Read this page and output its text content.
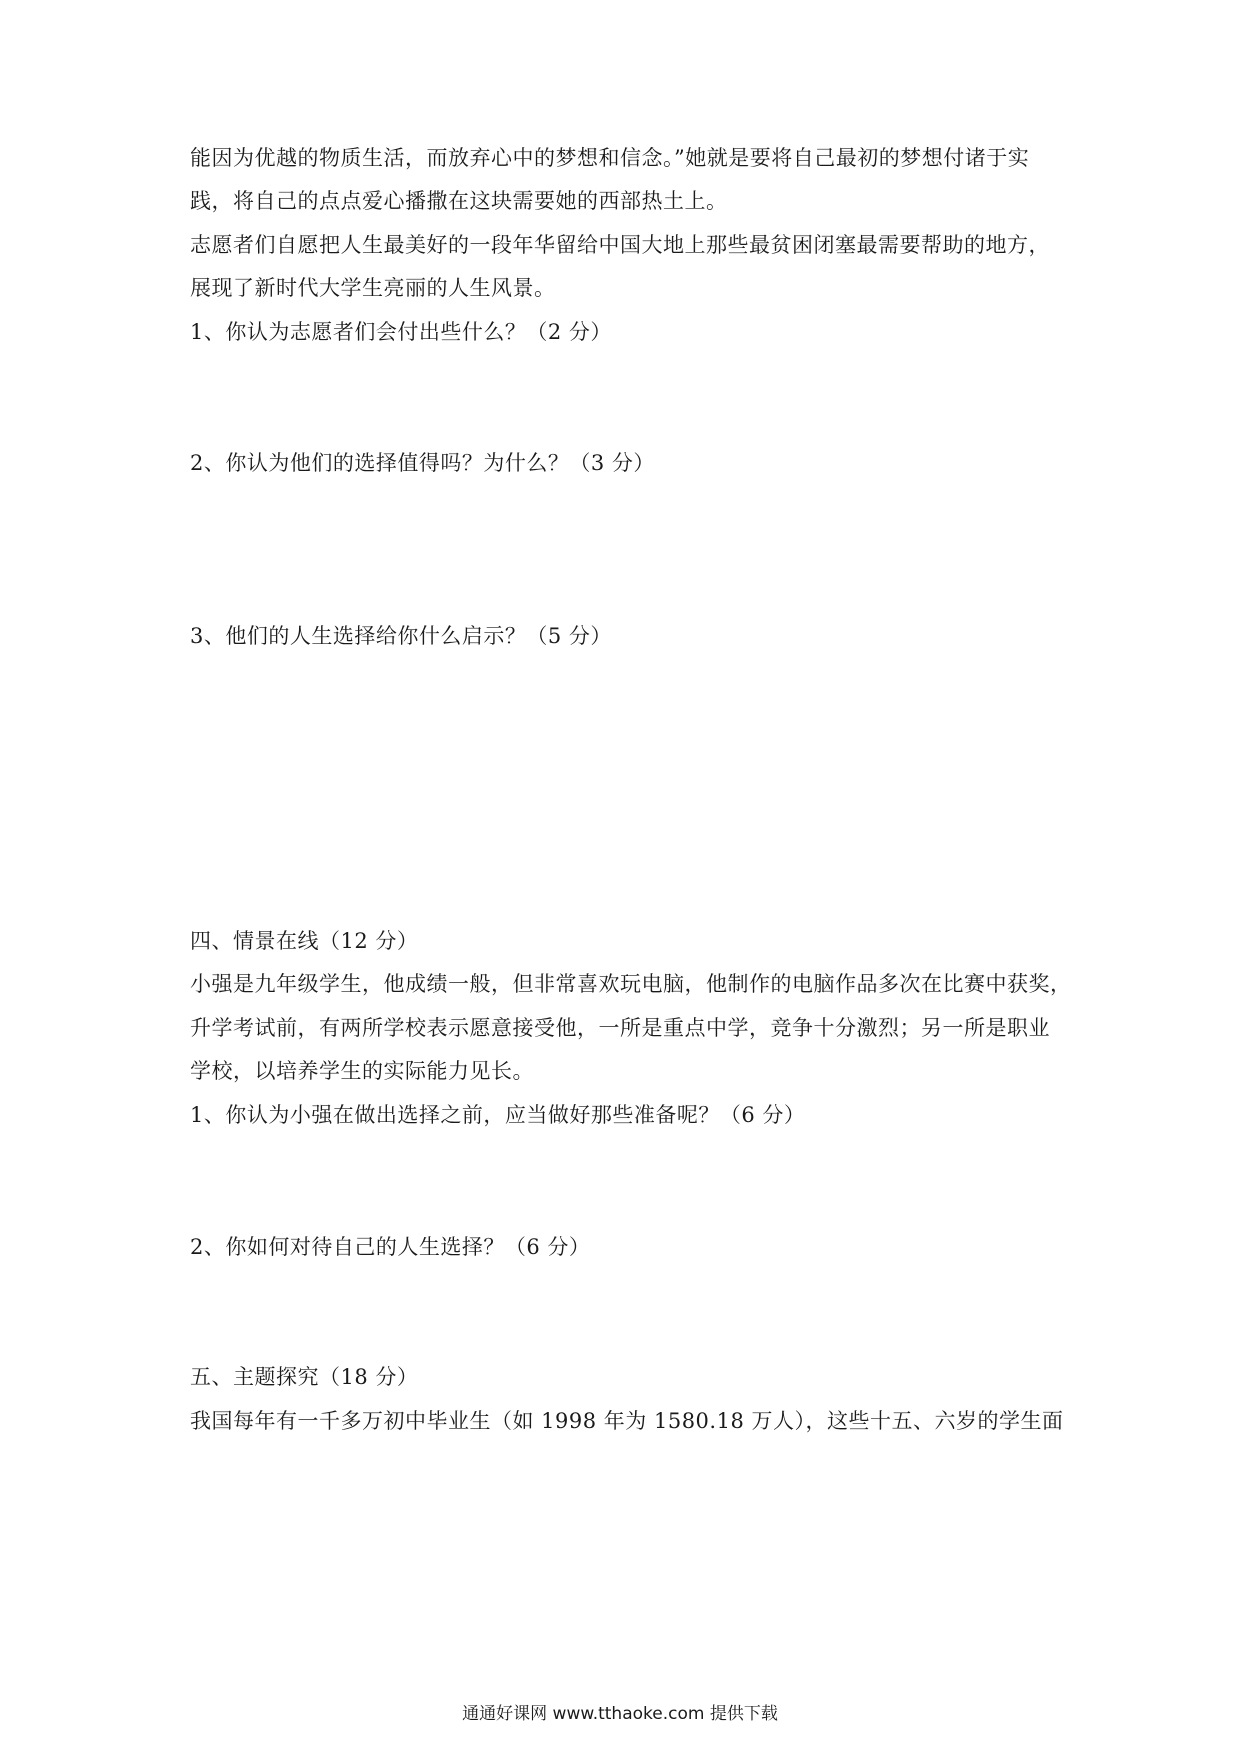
能因为优越的物质生活，而放弃心中的梦想和信念。”她就是要将自己最初的梦想付诸于实
践，将自己的点点爱心播撒在这块需要她的西部热土上。
志愿者们自愿把人生最美好的一段年华留给中国大地上那些最贫困闭塞最需要帮助的地方，
展现了新时代大学生亮丽的人生风景。
1、你认为志愿者们会付出些什么？（2 分）
2、你认为他们的选择值得吗？为什么？（3 分）
3、他们的人生选择给你什么启示？（5 分）
四、情景在线（12 分）
小强是九年级学生，他成绩一般，但非常喜欢玩电脑，他制作的电脑作品多次在比赛中获奖，
升学考试前，有两所学校表示愿意接受他，一所是重点中学，竞争十分激烈；另一所是职业
学校，以培养学生的实际能力见长。
1、你认为小强在做出选择之前，应当做好那些准备呢？（6 分）
2、你如何对待自己的人生选择？（6 分）
五、主题探究（18 分）
我国每年有一千多万初中毕业生（如 1998 年为 1580.18 万人），这些十五、六岁的学生面
通通好课网 www.tthaoke.com 提供下载
